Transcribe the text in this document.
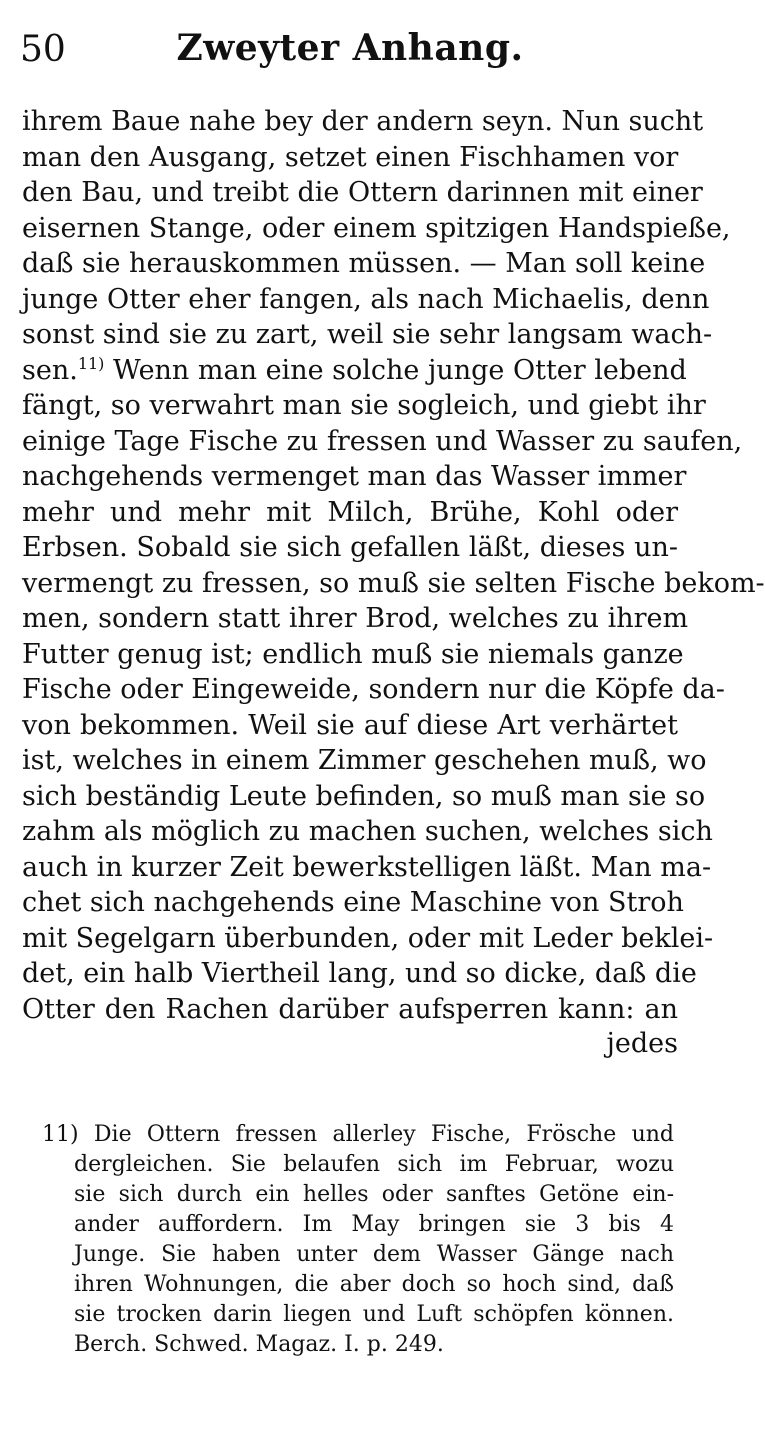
50	Zweyter Anhang.
ihrem Baue nahe bey der andern seyn. Nun sucht
man den Ausgang, setzet einen Fischhamen vor
den Bau, und treibt die Ottern darinnen mit einer
eisernen Stange, oder einem spitzigen Handspieße,
daß sie herauskommen müssen. — Man soll keine
junge Otter eher fangen, als nach Michaelis, denn
sonst sind sie zu zart, weil sie sehr langsam wach-
sen.$^{11)}$ Wenn man eine solche junge Otter lebend
fängt, so verwahrt man sie sogleich, und giebt ihr
einige Tage Fische zu fressen und Wasser zu saufen,
nachgehends vermenget man das Wasser immer
mehr und mehr mit Milch, Brühe, Kohl oder
Erbsen. Sobald sie sich gefallen läßt, dieses un-
vermengt zu fressen, so muß sie selten Fische bekom-
men, sondern statt ihrer Brod, welches zu ihrem
Futter genug ist; endlich muß sie niemals ganze
Fische oder Eingeweide, sondern nur die Köpfe da-
von bekommen. Weil sie auf diese Art verhärtet
ist, welches in einem Zimmer geschehen muß, wo
sich beständig Leute befinden, so muß man sie so
zahm als möglich zu machen suchen, welches sich
auch in kurzer Zeit bewerkstelligen läßt. Man ma-
chet sich nachgehends eine Maschine von Stroh
mit Segelgarn überbunden, oder mit Leder beklei-
det, ein halb Viertheil lang, und so dicke, daß die
Otter den Rachen darüber aufsperren kann: an
jedes
11) Die Ottern fressen allerley Fische, Frösche und
dergleichen. Sie belaufen sich im Februar, wozu
sie sich durch ein helles oder sanftes Getöne ein-
ander auffordern. Im May bringen sie 3 bis 4
Junge. Sie haben unter dem Wasser Gänge nach
ihren Wohnungen, die aber doch so hoch sind, daß
sie trocken darin liegen und Luft schöpfen können.
Berch. Schwed. Magaz. I. p. 249.
